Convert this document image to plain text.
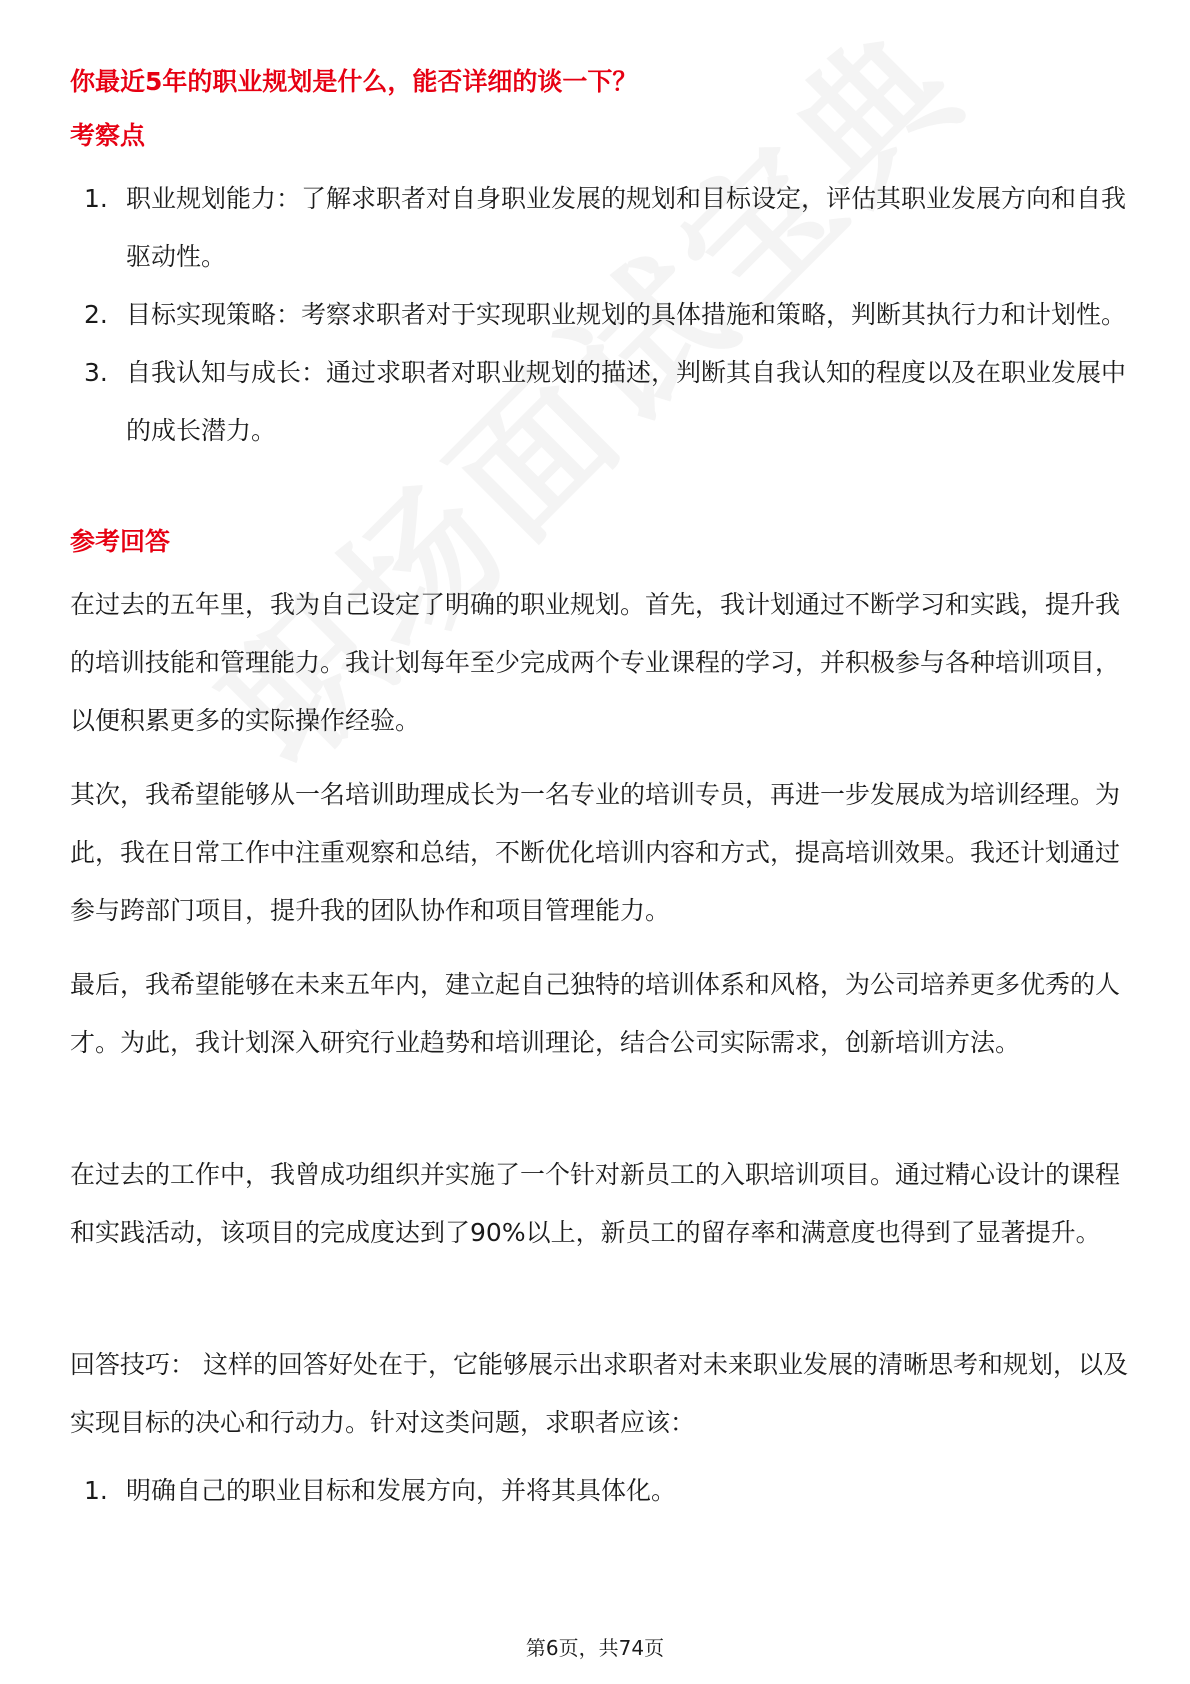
你最近5年的职业规划是什么，能否详细的谈一下？
考察点
1. 职业规划能力：了解求职者对自身职业发展的规划和目标设定，评估其职业发展方向和自我驱动性。
2. 目标实现策略：考察求职者对于实现职业规划的具体措施和策略，判断其执行力和计划性。
3. 自我认知与成长：通过求职者对职业规划的描述，判断其自我认知的程度以及在职业发展中的成长潜力。
参考回答

在过去的五年里，我为自己设定了明确的职业规划。首先，我计划通过不断学习和实践，提升我的培训技能和管理能力。我计划每年至少完成两个专业课程的学习，并积极参与各种培训项目，以便积累更多的实际操作经验。

其次，我希望能够从一名培训助理成长为一名专业的培训专员，再进一步发展成为培训经理。为此，我在日常工作中注重观察和总结，不断优化培训内容和方式，提高培训效果。我还计划通过参与跨部门项目，提升我的团队协作和项目管理能力。

最后，我希望能够在未来五年内，建立起自己独特的培训体系和风格，为公司培养更多优秀的人才。为此，我计划深入研究行业趋势和培训理论，结合公司实际需求，创新培训方法。

在过去的工作中，我曾成功组织并实施了一个针对新员工的入职培训项目。通过精心设计的课程和实践活动，该项目的完成度达到了90%以上，新员工的留存率和满意度也得到了显著提升。

回答技巧： 这样的回答好处在于，它能够展示出求职者对未来职业发展的清晰思考和规划，以及实现目标的决心和行动力。针对这类问题，求职者应该：

1. 明确自己的职业目标和发展方向，并将其具体化。
第6页，共74页
